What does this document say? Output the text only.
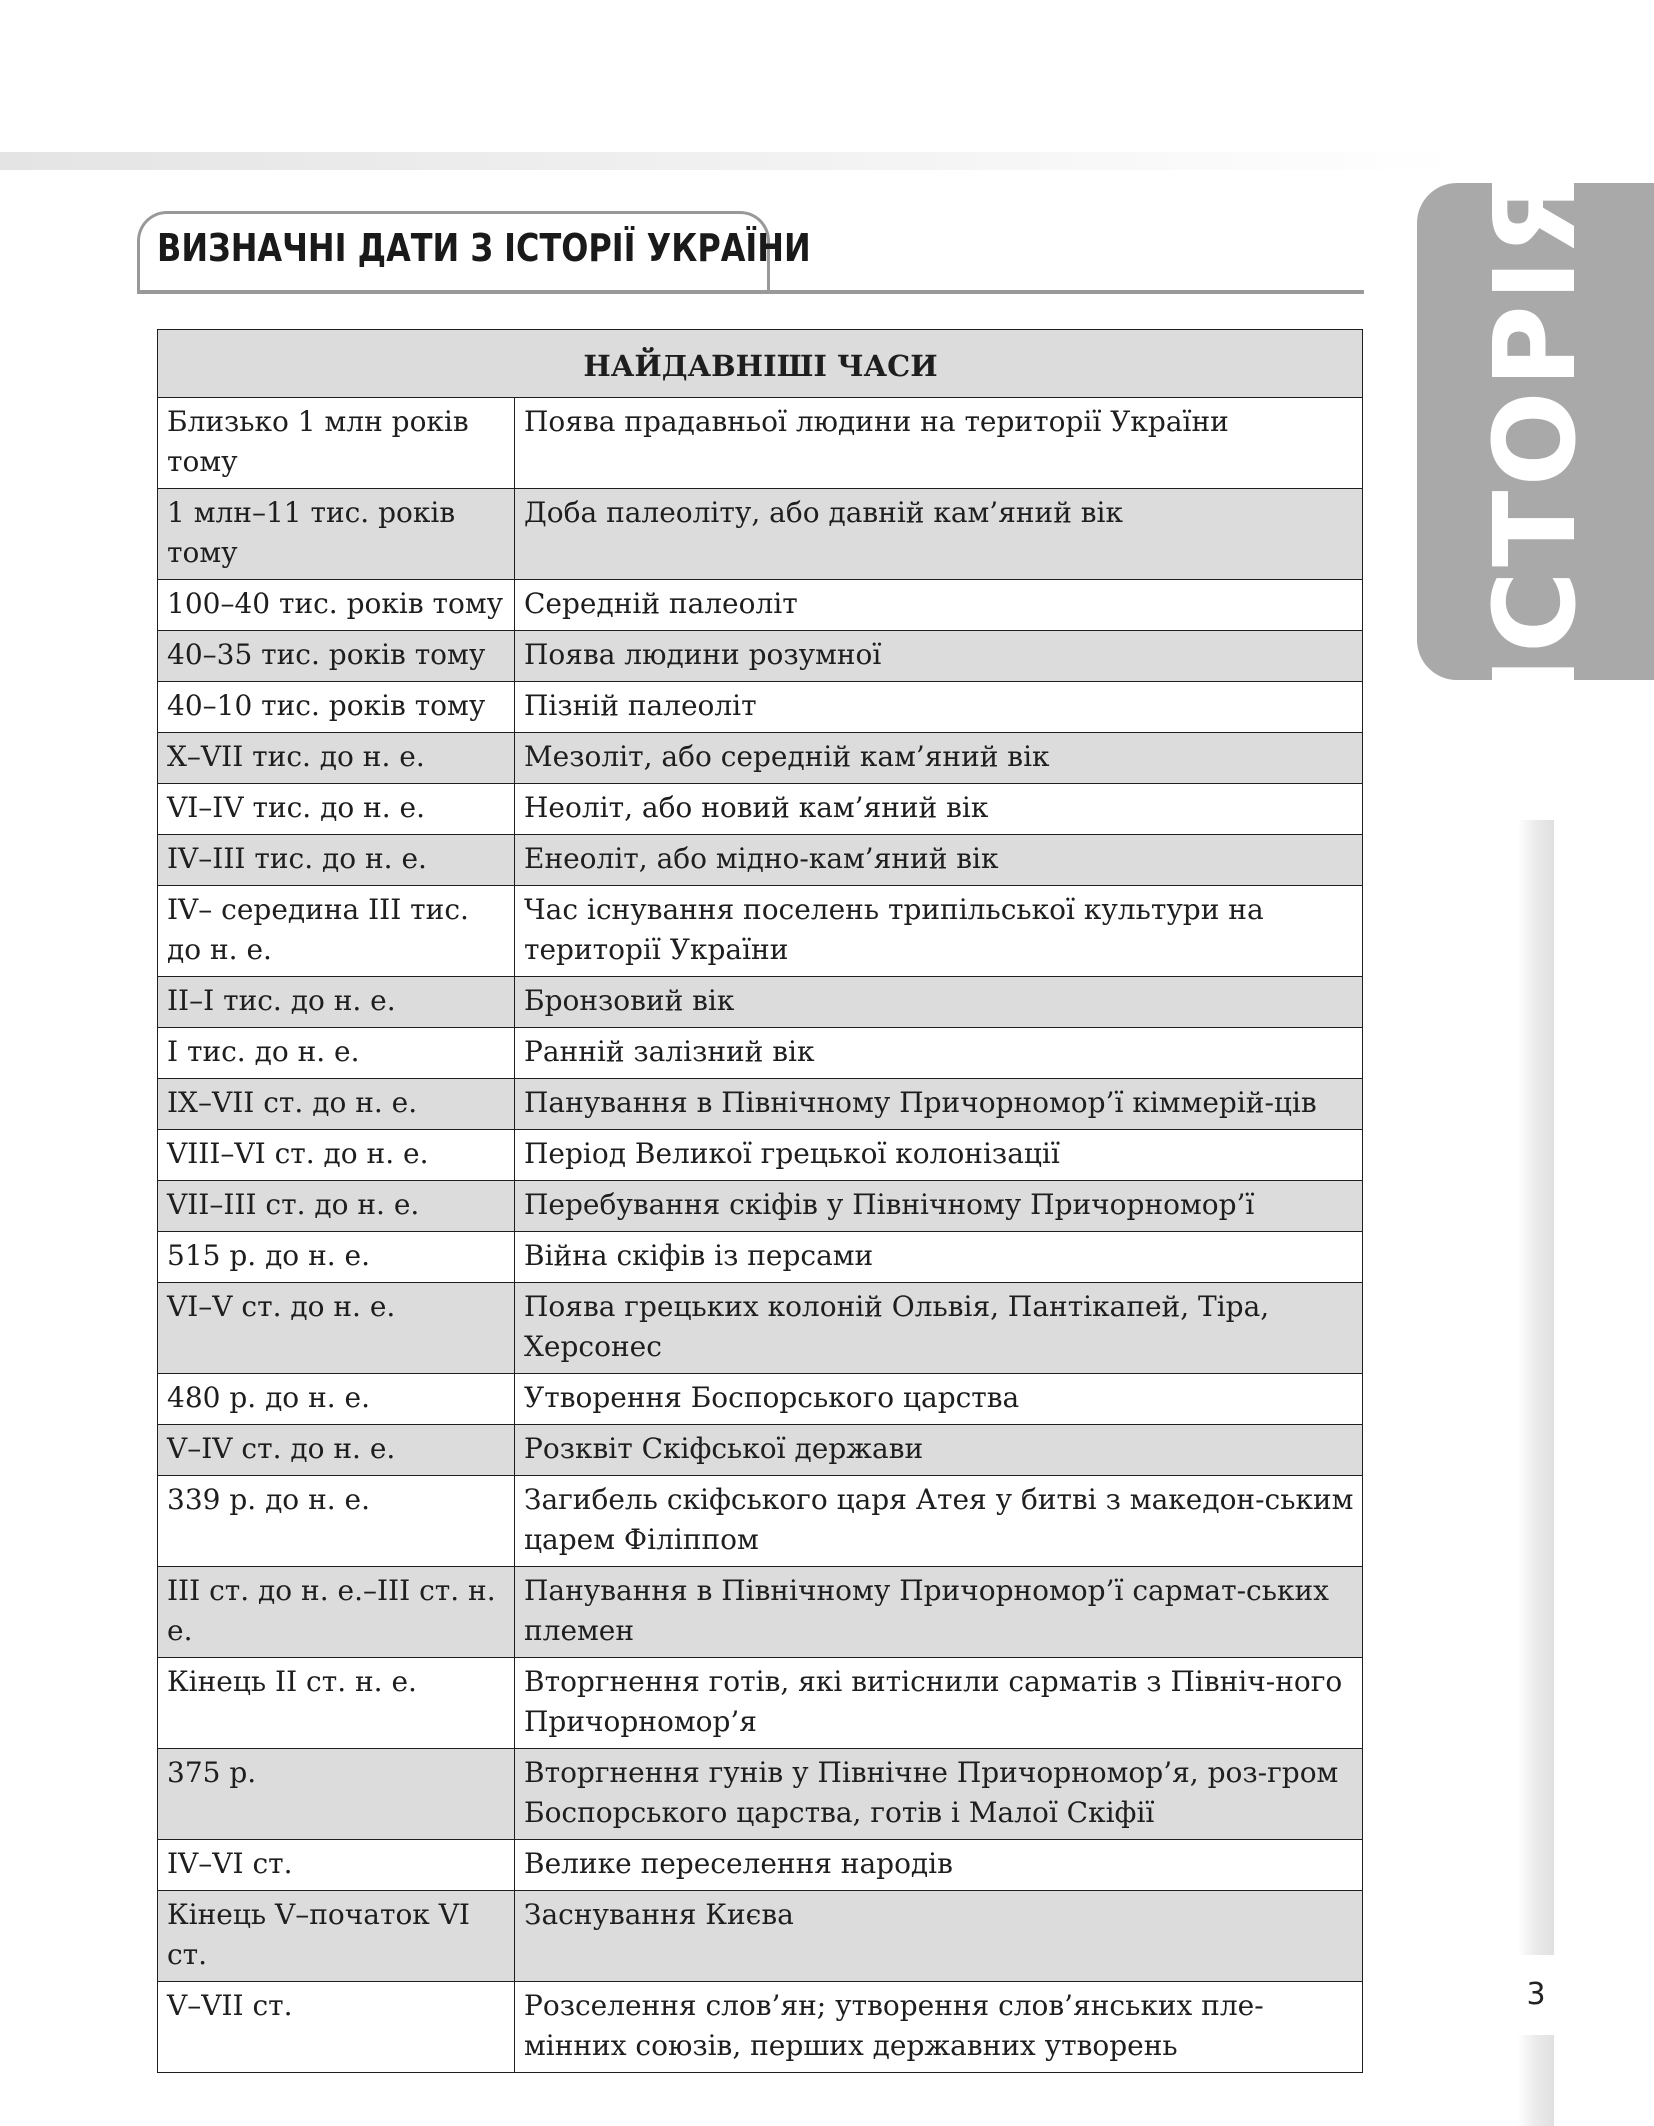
ІСТОРІЯ
3
ВИЗНАЧНІ ДАТИ З ІСТОРІЇ УКРАЇНИ
НАЙДАВНІШІ ЧАСИ	
Близько 1 млн років тому	Поява прадавньої людини на території України
1 млн–11 тис. років тому	Доба палеоліту, або давній кам’яний вік
100–40 тис. років тому	Середній палеоліт
40–35 тис. років тому	Поява людини розумної
40–10 тис. років тому	Пізній палеоліт
X–VII тис. до н. е.	Мезоліт, або середній кам’яний вік
VI–IV тис. до н. е.	Неоліт, або новий кам’яний вік
IV–III тис. до н. е.	Енеоліт, або мідно-кам’яний вік
IV– середина III тис. до н. е.	Час існування поселень трипільської культури на території України
II–I тис. до н. е.	Бронзовий вік
I тис. до н. е.	Ранній залізний вік
IX–VII ст. до н. е.	Панування в Північному Причорномор’ї кіммерій-ців
VIII–VI ст. до н. е.	Період Великої грецької колонізації
VII–III ст. до н. е.	Перебування скіфів у Північному Причорномор’ї
515 р. до н. е.	Війна скіфів із персами
VI–V ст. до н. е.	Поява грецьких колоній Ольвія, Пантікапей, Тіра, Херсонес
480 р. до н. е.	Утворення Боспорського царства
V–IV ст. до н. е.	Розквіт Скіфської держави
339 р. до н. е.	Загибель скіфського царя Атея у битві з македон-ським царем Філіппом
III ст. до н. е.–III ст. н. е.	Панування в Північному Причорномор’ї сармат-ських племен
Кінець II ст. н. е.	Вторгнення готів, які витіснили сарматів з Північ-ного Причорномор’я
375 р.	Вторгнення гунів у Північне Причорномор’я, роз-гром Боспорського царства, готів і Малої Скіфії
IV–VI ст.	Велике переселення народів
Кінець V–початок VI ст.	Заснування Києва
V–VII ст.	Розселення слов’ян; утворення слов’янських пле-мінних союзів, перших державних утворень
